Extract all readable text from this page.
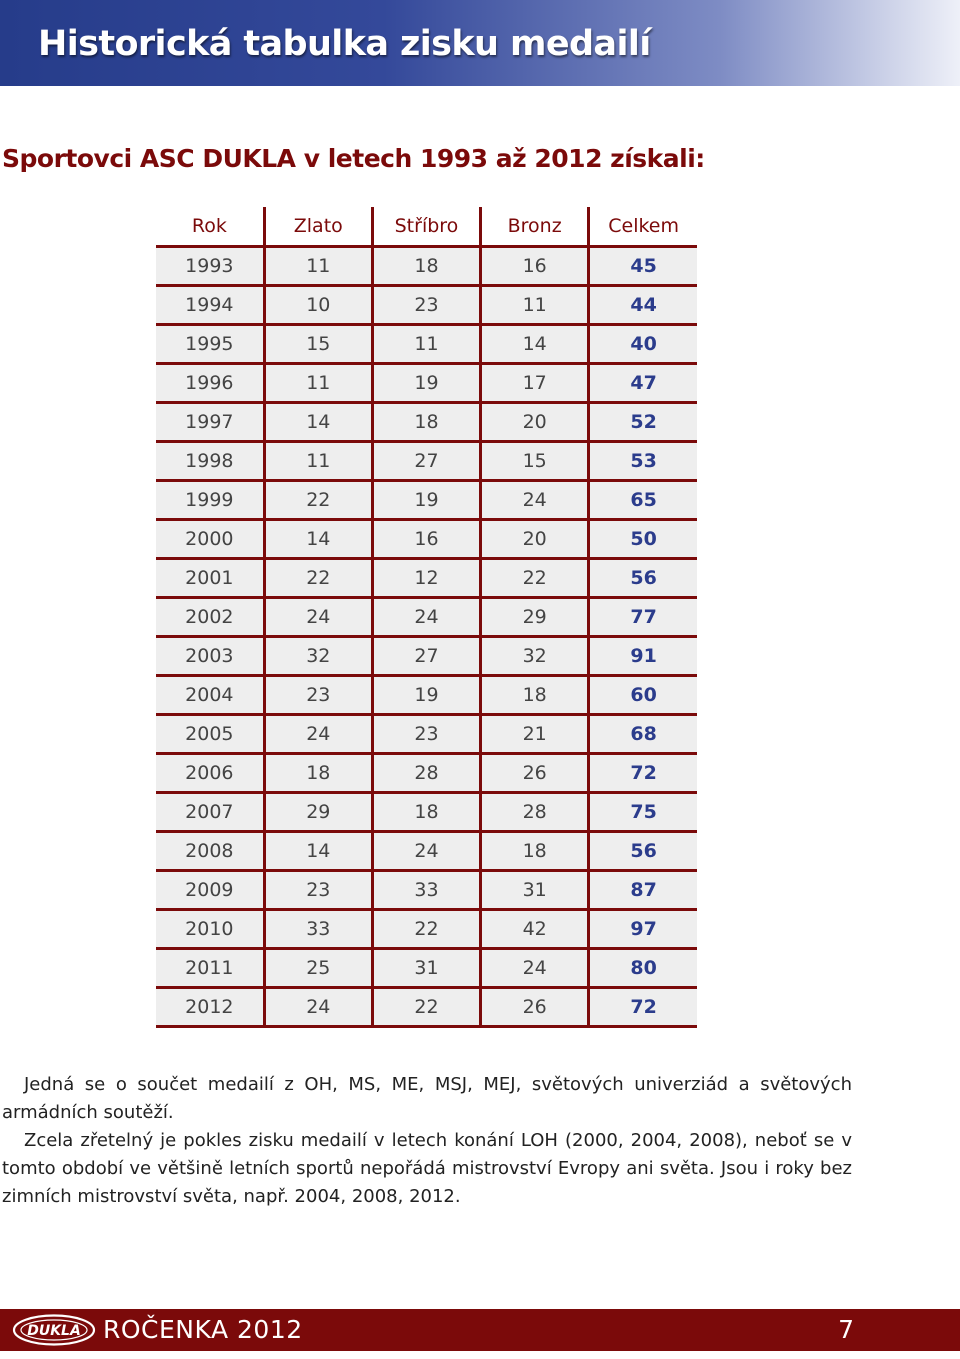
Historická tabulka zisku medailí
Sportovci ASC DUKLA v letech 1993 až 2012 získali:
Rok	Zlato	Stříbro	Bronz	Celkem
1993	11	18	16	45
1994	10	23	11	44
1995	15	11	14	40
1996	11	19	17	47
1997	14	18	20	52
1998	11	27	15	53
1999	22	19	24	65
2000	14	16	20	50
2001	22	12	22	56
2002	24	24	29	77
2003	32	27	32	91
2004	23	19	18	60
2005	24	23	21	68
2006	18	28	26	72
2007	29	18	28	75
2008	14	24	18	56
2009	23	33	31	87
2010	33	22	42	97
2011	25	31	24	80
2012	24	22	26	72

Jedná se o součet medailí z OH, MS, ME, MSJ, MEJ, světových univerziád a světových armádních soutěží.

Zcela zřetelný je pokles zisku medailí v letech konání LOH (2000, 2004, 2008), neboť se v tomto období ve většině letních sportů nepořádá mistrovství Evropy ani světa. Jsou i roky bez zimních mistrovství světa, např. 2004, 2008, 2012.

DUKLA ROČENKA 2012	7
